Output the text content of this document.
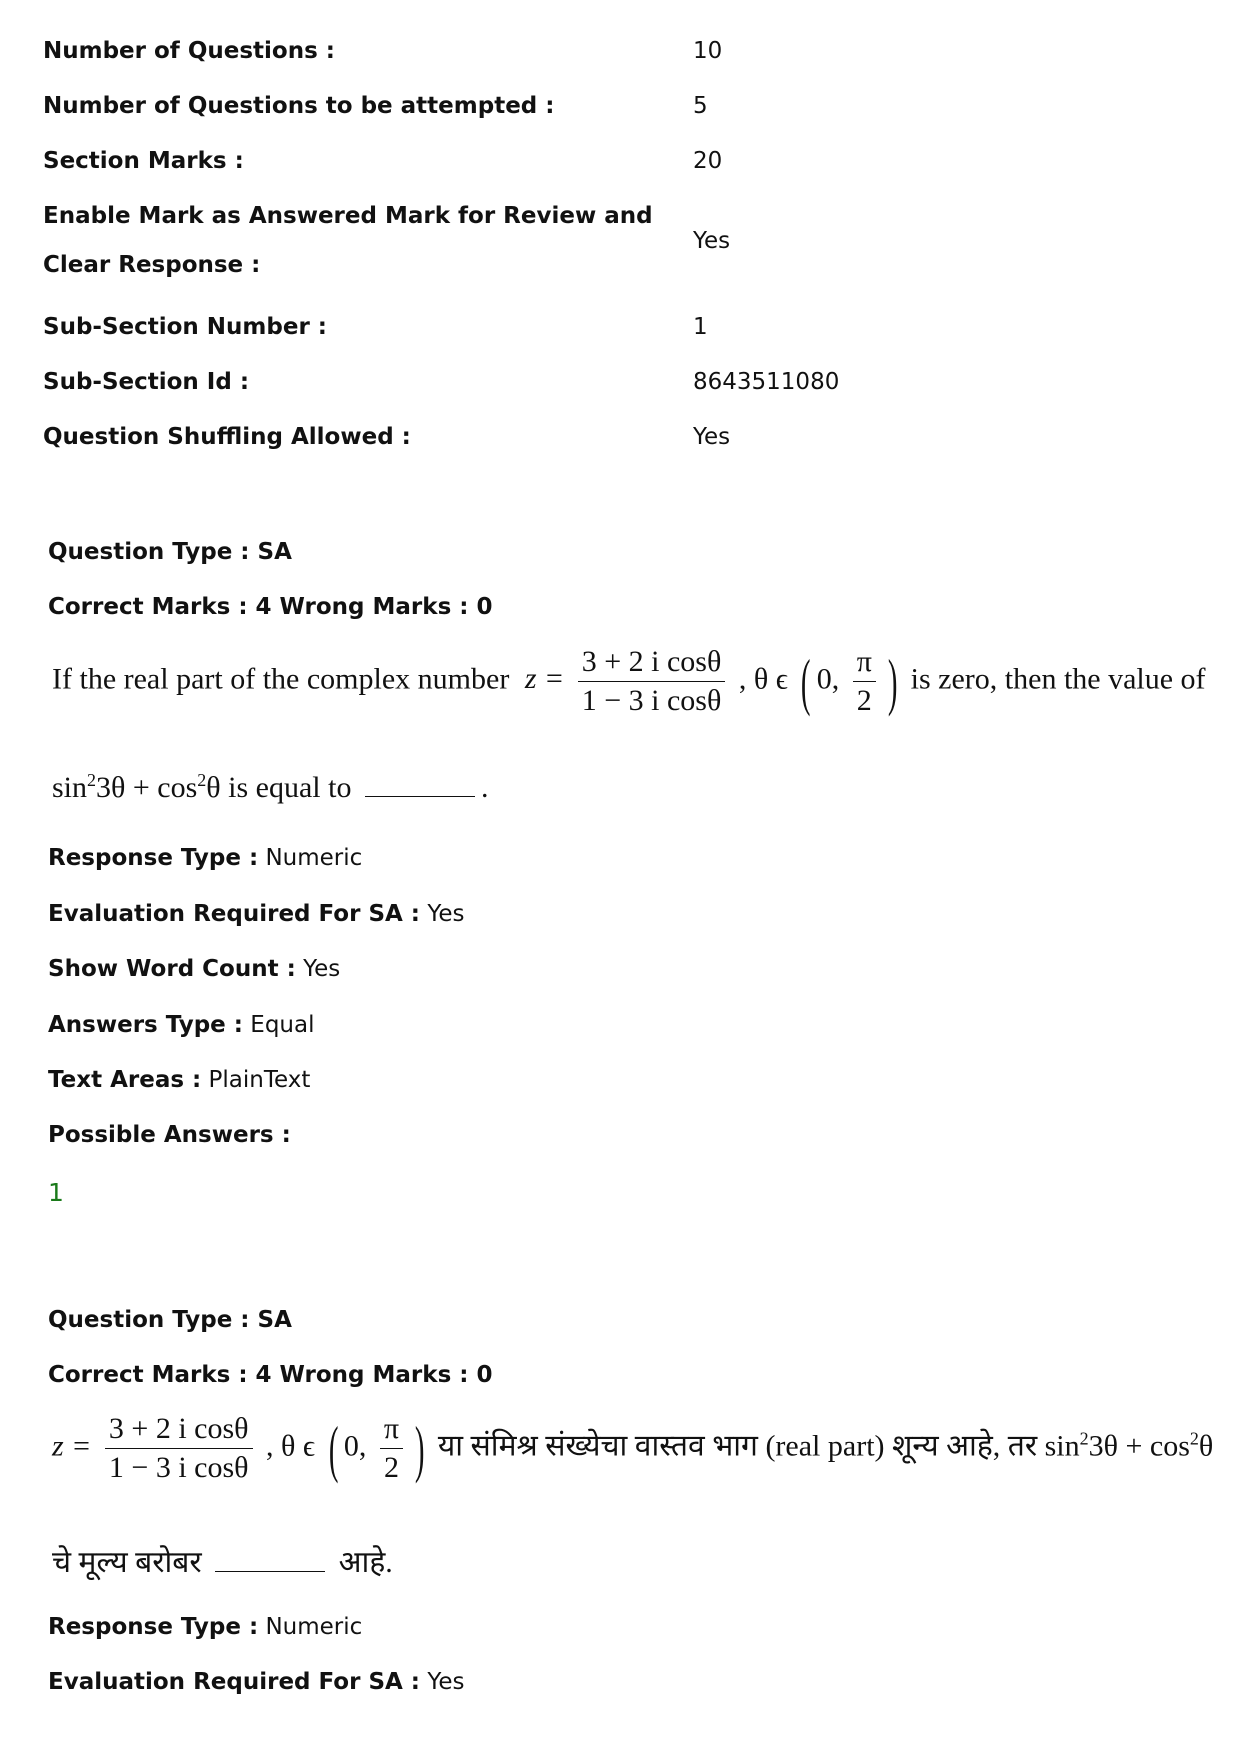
Number of Questions :	10
Number of Questions to be attempted :	5
Section Marks :	20
Enable Mark as Answered Mark for Review and
Clear Response :
Yes
Sub-Section Number :	1
Sub-Section Id :	8643511080
Question Shuffling Allowed :	Yes
Question Type : SA
Correct Marks : 4 Wrong Marks : 0
If the real part of the complex number $z = \frac{\text{3 + 2 i cosθ}}{\text{1 − 3 i cosθ}}$ , θ ϵ ( 0, $\frac{\pi}{2}$ ) is zero, then the value of
$\sin^23\theta + \cos^2\theta$ is equal to	.
Response Type : Numeric
Evaluation Required For SA : Yes
Show Word Count : Yes
Answers Type : Equal
Text Areas : PlainText
Possible Answers :
1
Question Type : SA
Correct Marks : 4 Wrong Marks : 0
$z = \frac{\text{3 + 2 i cosθ}}{\text{1 − 3 i cosθ}}$ , θ ϵ ( 0, $\frac{\pi}{2}$ ) या संमिश्र संख्येचा वास्तव भाग (real part) शून्य आहे, तर $\sin^23\theta + \cos^2\theta$
चे मूल्य बरोबर	आहे.
Response Type : Numeric
Evaluation Required For SA : Yes
